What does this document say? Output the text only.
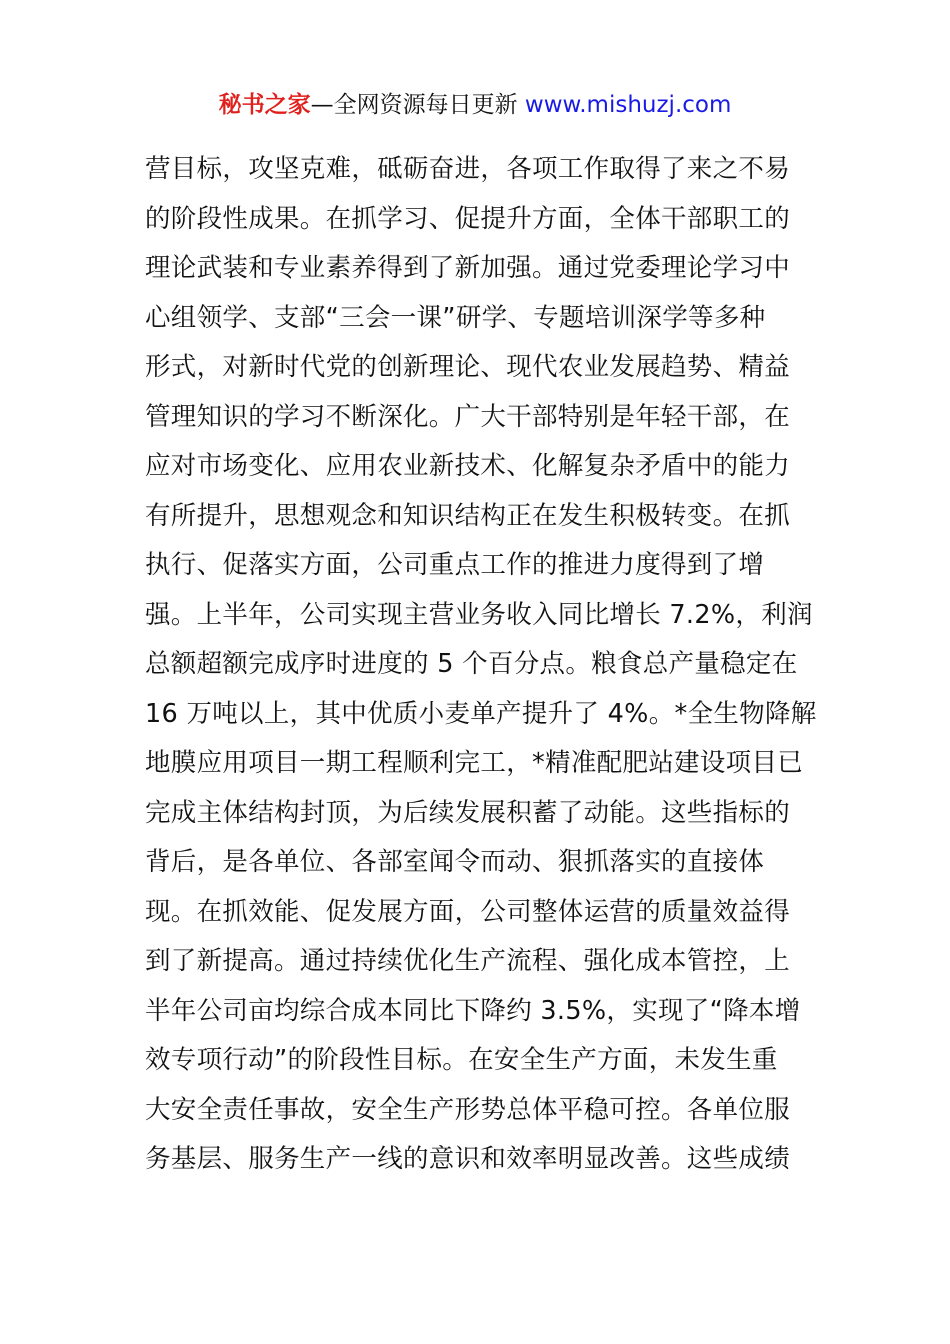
秘书之家—全网资源每日更新 www.mishuzj.com
营目标，攻坚克难，砥砺奋进，各项工作取得了来之不易
的阶段性成果。在抓学习、促提升方面，全体干部职工的
理论武装和专业素养得到了新加强。通过党委理论学习中
心组领学、支部“三会一课”研学、专题培训深学等多种
形式，对新时代党的创新理论、现代农业发展趋势、精益
管理知识的学习不断深化。广大干部特别是年轻干部，在
应对市场变化、应用农业新技术、化解复杂矛盾中的能力
有所提升，思想观念和知识结构正在发生积极转变。在抓
执行、促落实方面，公司重点工作的推进力度得到了增
强。上半年，公司实现主营业务收入同比增长 7.2%，利润
总额超额完成序时进度的 5 个百分点。粮食总产量稳定在
16 万吨以上，其中优质小麦单产提升了 4%。*全生物降解
地膜应用项目一期工程顺利完工，*精准配肥站建设项目已
完成主体结构封顶，为后续发展积蓄了动能。这些指标的
背后，是各单位、各部室闻令而动、狠抓落实的直接体
现。在抓效能、促发展方面，公司整体运营的质量效益得
到了新提高。通过持续优化生产流程、强化成本管控，上
半年公司亩均综合成本同比下降约 3.5%，实现了“降本增
效专项行动”的阶段性目标。在安全生产方面，未发生重
大安全责任事故，安全生产形势总体平稳可控。各单位服
务基层、服务生产一线的意识和效率明显改善。这些成绩
